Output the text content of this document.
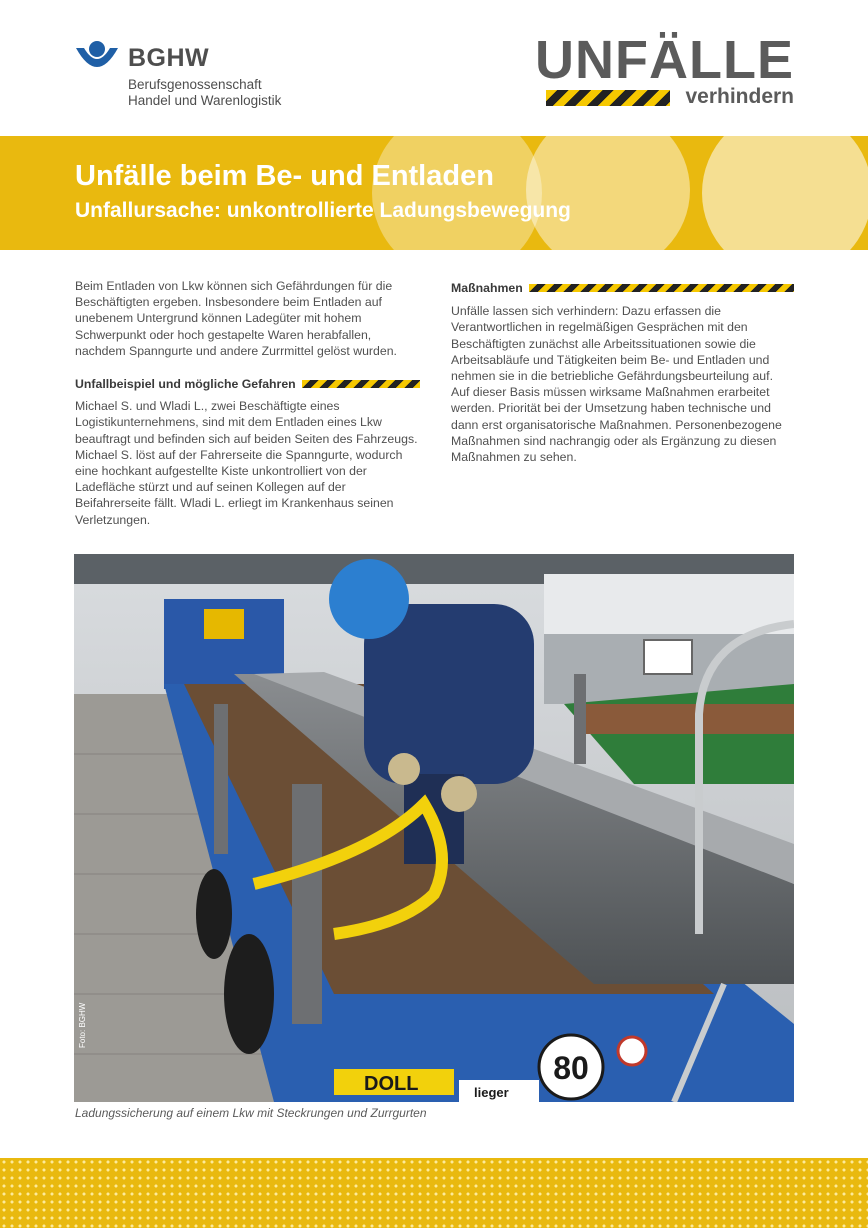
BGHW
Berufsgenossenschaft
Handel und Warenlogistik
UNFÄLLE
verhindern
Unfälle beim Be- und Entladen
Unfallursache: unkontrollierte Ladungsbewegung

Beim Entladen von Lkw können sich Gefährdungen für die Beschäftigten ergeben. Insbesondere beim Entladen auf unebenem Untergrund können Ladegüter mit hohem Schwerpunkt oder hoch gestapelte Waren herabfallen, nachdem Spanngurte und andere Zurrmittel gelöst wurden.

Unfallbeispiel und mögliche Gefahren

Michael S. und Wladi L., zwei Beschäftigte eines Logistikunternehmens, sind mit dem Entladen eines Lkw beauftragt und befinden sich auf beiden Seiten des Fahrzeugs. Michael S. löst auf der Fahrerseite die Spanngurte, wodurch eine hochkant aufgestellte Kiste unkontrolliert von der Ladefläche stürzt und auf seinen Kollegen auf der Beifahrerseite fällt. Wladi L. erliegt im Krankenhaus seinen Verletzungen.

Maßnahmen

Unfälle lassen sich verhindern: Dazu erfassen die Verantwortlichen in regelmäßigen Gesprächen mit den Beschäftigten zunächst alle Arbeitssituationen sowie die Arbeitsabläufe und Tätigkeiten beim Be- und Entladen und nehmen sie in die betriebliche Gefährdungsbeurteilung auf. Auf dieser Basis müssen wirksame Maßnahmen erarbeitet werden. Priorität bei der Umsetzung haben technische und dann erst organisatorische Maßnahmen. Personenbezogene Maßnahmen sind nachrangig oder als Ergänzung zu diesen Maßnahmen zu sehen.

DOLL	lieger
80
Foto: BGHW
Ladungssicherung auf einem Lkw mit Steckrungen und Zurrgurten
